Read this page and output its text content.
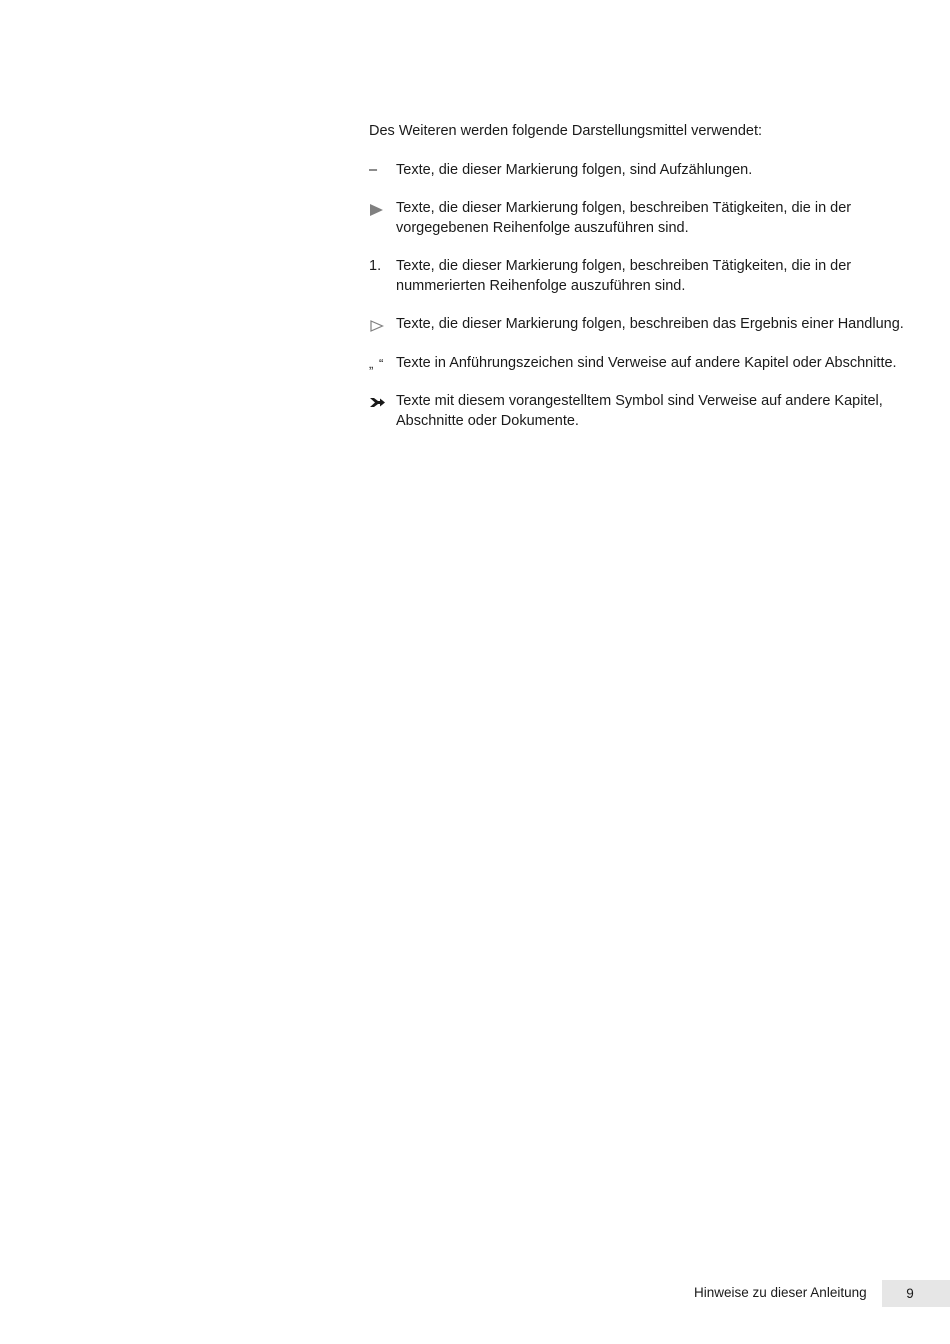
Des Weiteren werden folgende Darstellungsmittel verwendet:

–	Texte, die dieser Markierung folgen, sind Aufzählungen.
Texte, die dieser Markierung folgen, beschreiben Tätigkeiten, die in der vorgegebenen Reihenfolge auszuführen sind.
1.	Texte, die dieser Markierung folgen, beschreiben Tätigkeiten, die in der nummerierten Reihenfolge auszuführen sind.
Texte, die dieser Markierung folgen, beschreiben das Ergebnis einer Handlung.
„ “ Texte in Anführungszeichen sind Verweise auf andere Kapitel oder Abschnitte.
Texte mit diesem vorangestelltem Symbol sind Verweise auf andere Kapitel, Abschnitte oder Dokumente.
Hinweise zu dieser Anleitung	9
